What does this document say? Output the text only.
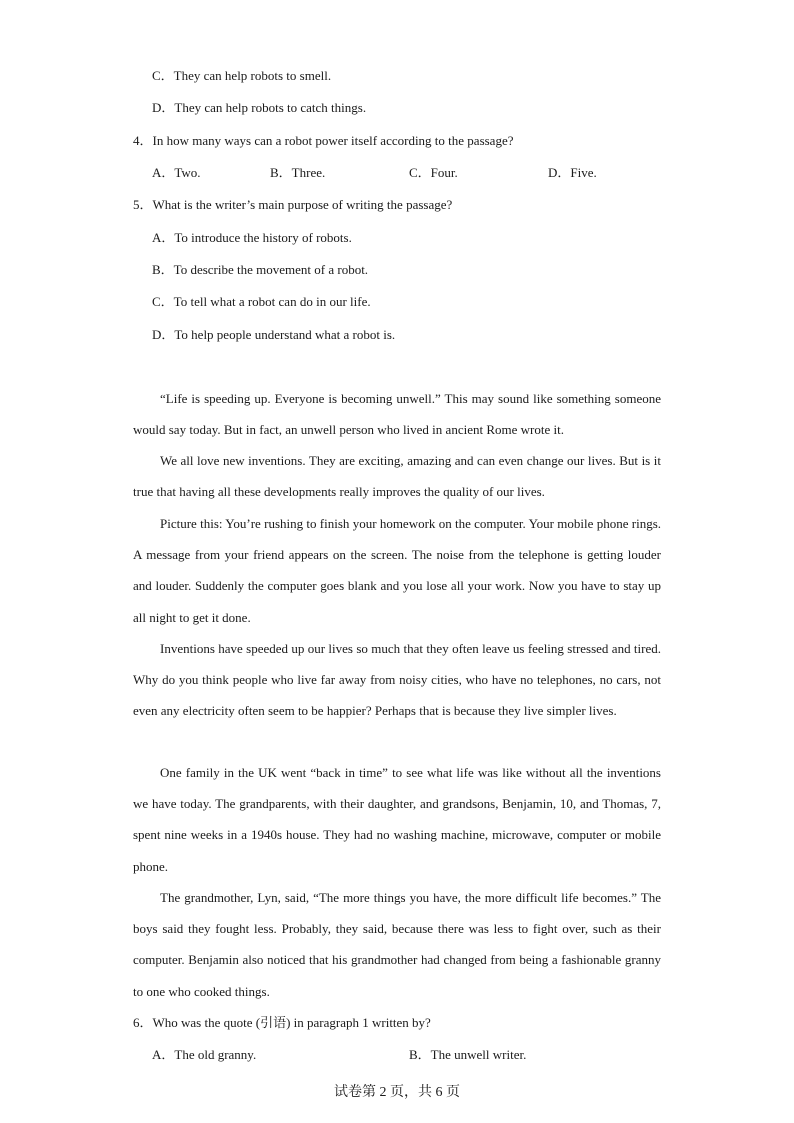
C．They can help robots to smell.
D．They can help robots to catch things.
4．In how many ways can a robot power itself according to the passage?
A．Two.	B．Three.	C．Four.	D．Five.
5．What is the writer’s main purpose of writing the passage?
A．To introduce the history of robots.
B．To describe the movement of a robot.
C．To tell what a robot can do in our life.
D．To help people understand what a robot is.

“Life is speeding up. Everyone is becoming unwell.” This may sound like something someone would say today. But in fact, an unwell person who lived in ancient Rome wrote it.

We all love new inventions. They are exciting, amazing and can even change our lives. But is it true that having all these developments really improves the quality of our lives.

Picture this: You’re rushing to finish your homework on the computer. Your mobile phone rings. A message from your friend appears on the screen. The noise from the telephone is getting louder and louder. Suddenly the computer goes blank and you lose all your work. Now you have to stay up all night to get it done.

Inventions have speeded up our lives so much that they often leave us feeling stressed and tired. Why do you think people who live far away from noisy cities, who have no telephones, no cars, not even any electricity often seem to be happier? Perhaps that is because they live simpler lives.

One family in the UK went “back in time” to see what life was like without all the inventions we have today. The grandparents, with their daughter, and grandsons, Benjamin, 10, and Thomas, 7, spent nine weeks in a 1940s house. They had no washing machine, microwave, computer or mobile phone.

The grandmother, Lyn, said, “The more things you have, the more difficult life becomes.” The boys said they fought less. Probably, they said, because there was less to fight over, such as their computer. Benjamin also noticed that his grandmother had changed from being a fashionable granny to one who cooked things.

6．Who was the quote (引语) in paragraph 1 written by?
A．The old granny.	B．The unwell writer.
试卷第 2 页，共 6 页
